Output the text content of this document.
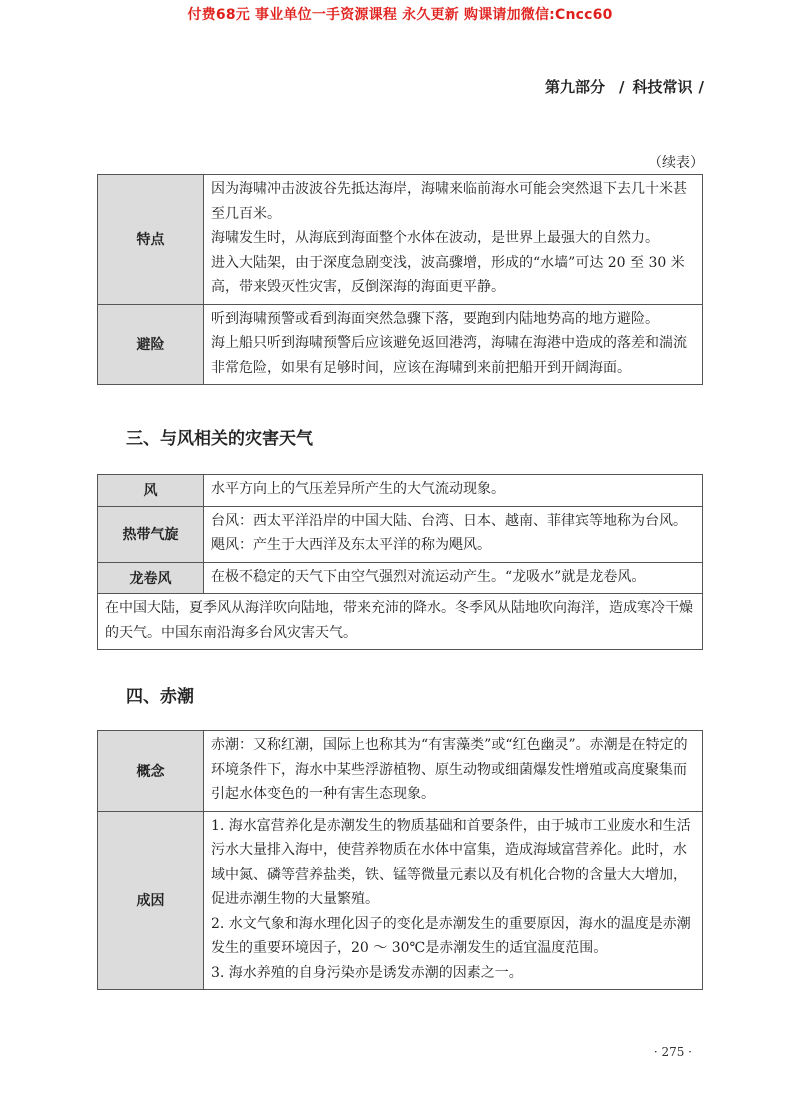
付费68元 事业单位一手资源课程 永久更新 购课请加微信:Cncc60
第九部分 / 科技常识 /
（续表）
特点	因为海啸冲击波波谷先抵达海岸，海啸来临前海水可能会突然退下去几十米甚至几百米。
海啸发生时，从海底到海面整个水体在波动，是世界上最强大的自然力。
进入大陆架，由于深度急剧变浅，波高骤增，形成的“水墙”可达 20 至 30 米高，带来毁灭性灾害，反倒深海的海面更平静。

避险	听到海啸预警或看到海面突然急骤下落，要跑到内陆地势高的地方避险。
海上船只听到海啸预警后应该避免返回港湾，海啸在海港中造成的落差和湍流非常危险，如果有足够时间，应该在海啸到来前把船开到开阔海面。
三、与风相关的灾害天气
风	水平方向上的气压差异所产生的大气流动现象。

热带气旋	台风：西太平洋沿岸的中国大陆、台湾、日本、越南、菲律宾等地称为台风。
飓风：产生于大西洋及东太平洋的称为飓风。

龙卷风	在极不稳定的天气下由空气强烈对流运动产生。“龙吸水”就是龙卷风。

在中国大陆，夏季风从海洋吹向陆地，带来充沛的降水。冬季风从陆地吹向海洋，造成寒冷干燥的天气。中国东南沿海多台风灾害天气。	
四、赤潮
概念	赤潮：又称红潮，国际上也称其为“有害藻类”或“红色幽灵”。赤潮是在特定的环境条件下，海水中某些浮游植物、原生动物或细菌爆发性增殖或高度聚集而引起水体变色的一种有害生态现象。

成因	1. 海水富营养化是赤潮发生的物质基础和首要条件，由于城市工业废水和生活污水大量排入海中，使营养物质在水体中富集，造成海域富营养化。此时，水域中氮、磷等营养盐类，铁、锰等微量元素以及有机化合物的含量大大增加，促进赤潮生物的大量繁殖。
2. 水文气象和海水理化因子的变化是赤潮发生的重要原因，海水的温度是赤潮发生的重要环境因子，20 ～ 30℃是赤潮发生的适宜温度范围。
3. 海水养殖的自身污染亦是诱发赤潮的因素之一。
· 275 ·
